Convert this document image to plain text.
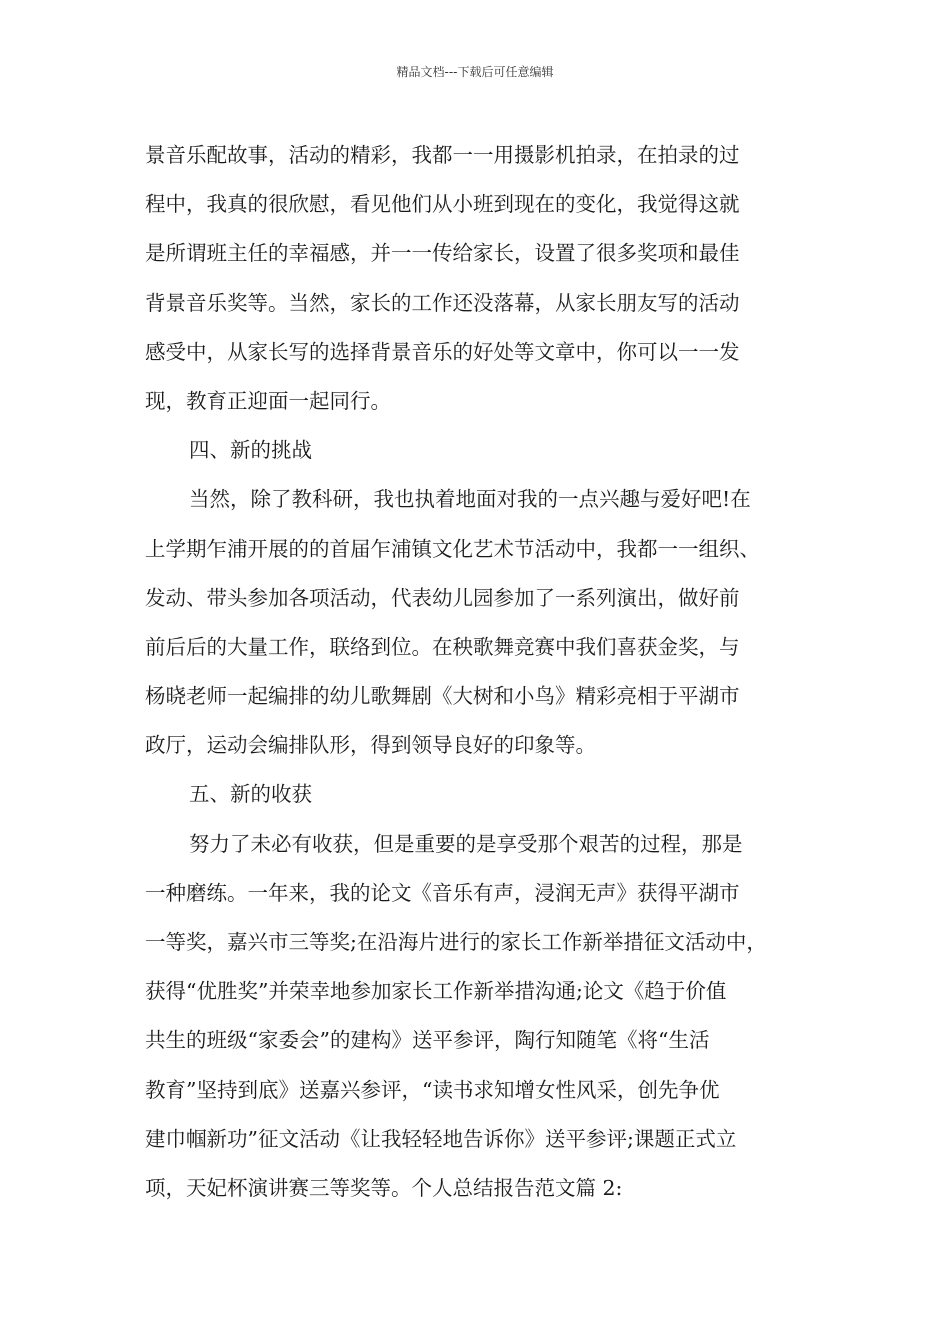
精品文档---下载后可任意编辑
景音乐配故事，活动的精彩，我都一一用摄影机拍录，在拍录的过
程中，我真的很欣慰，看见他们从小班到现在的变化，我觉得这就
是所谓班主任的幸福感，并一一传给家长，设置了很多奖项和最佳
背景音乐奖等。当然，家长的工作还没落幕，从家长朋友写的活动
感受中，从家长写的选择背景音乐的好处等文章中，你可以一一发
现，教育正迎面一起同行。
四、新的挑战
当然，除了教科研，我也执着地面对我的一点兴趣与爱好吧!在
上学期乍浦开展的的首届乍浦镇文化艺术节活动中，我都一一组织、
发动、带头参加各项活动，代表幼儿园参加了一系列演出，做好前
前后后的大量工作，联络到位。在秧歌舞竞赛中我们喜获金奖，与
杨晓老师一起编排的幼儿歌舞剧《大树和小鸟》精彩亮相于平湖市
政厅，运动会编排队形，得到领导良好的印象等。
五、新的收获
努力了未必有收获，但是重要的是享受那个艰苦的过程，那是
一种磨练。一年来，我的论文《音乐有声，浸润无声》获得平湖市
一等奖，嘉兴市三等奖;在沿海片进行的家长工作新举措征文活动中，
获得“优胜奖”并荣幸地参加家长工作新举措沟通;论文《趋于价值
共生的班级“家委会”的建构》送平参评，陶行知随笔《将“生活
教育”坚持到底》送嘉兴参评，“读书求知增女性风采，创先争优
建巾帼新功”征文活动《让我轻轻地告诉你》送平参评;课题正式立
项，天妃杯演讲赛三等奖等。个人总结报告范文篇 2:
